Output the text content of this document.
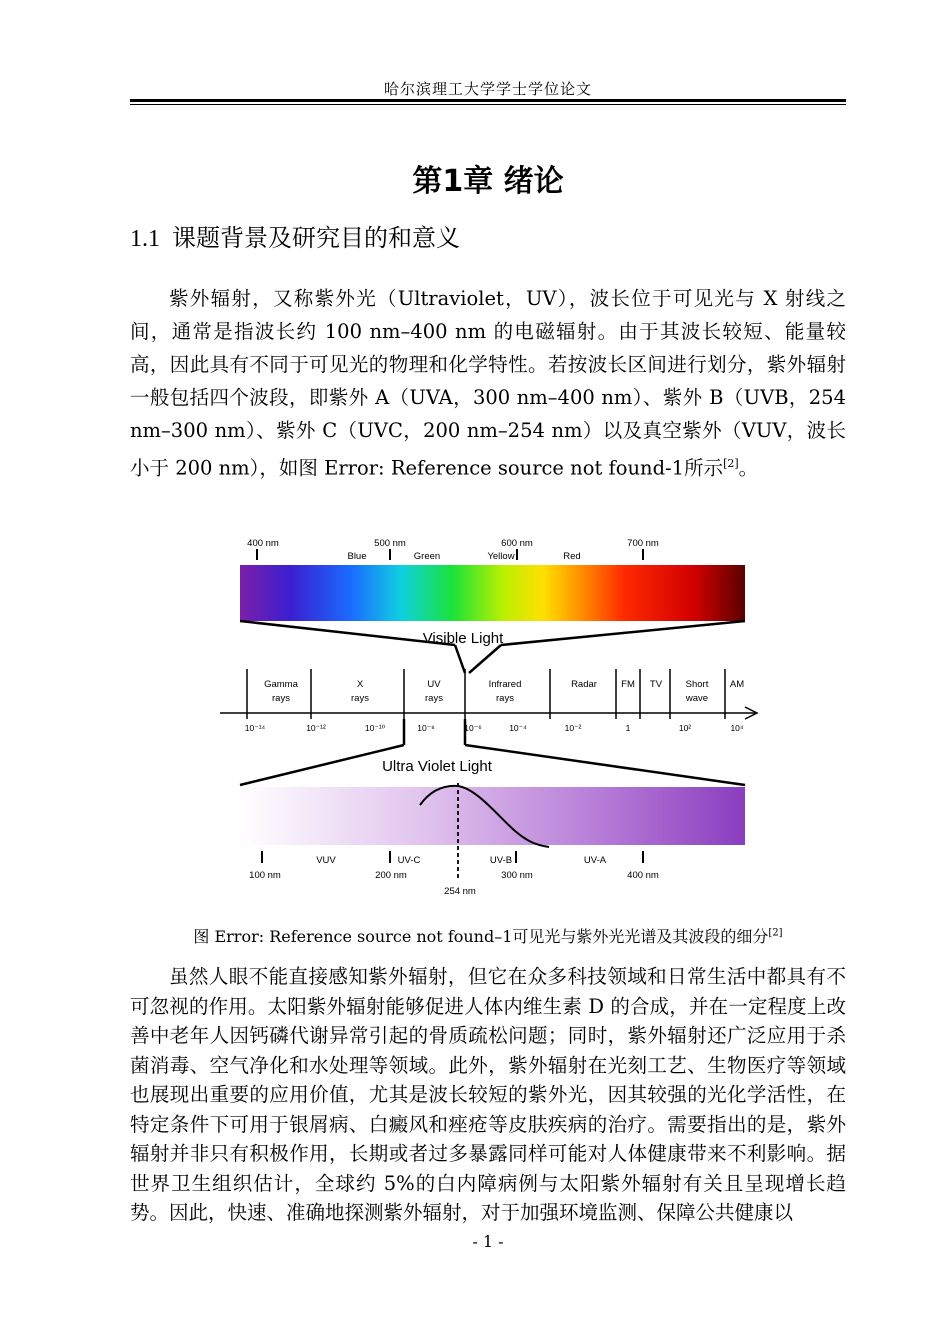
哈尔滨理工大学学士学位论文
第1章 绪论
1.1 课题背景及研究目的和意义

紫外辐射，又称紫外光（Ultraviolet，UV），波长位于可见光与 X 射线之间，通常是指波长约 100 nm–400 nm 的电磁辐射。由于其波长较短、能量较高，因此具有不同于可见光的物理和化学特性。若按波长区间进行划分，紫外辐射一般包括四个波段，即紫外 A（UVA，300 nm–400 nm）、紫外 B（UVB，254 nm–300 nm）、紫外 C（UVC，200 nm–254 nm）以及真空紫外（VUV，波长小于 200 nm），如图 Error: Reference source not found-1所示[2]。

400 nm	500 nm	600 nm	700 nm
Blue	Green	Yellow	Red
Visible Light
Gamma
rays
X
rays
UV
rays
Infrared
rays
Radar	FM TV Short
wave
AM
10⁻¹⁴	10⁻¹²	10⁻¹⁰	10⁻⁸	10⁻⁶	10⁻⁴	10⁻²	1	10²	10⁴
Ultra Violet Light
VUV	UV-C	UV-B	UV-A
100 nm	200 nm
254 nm
300 nm	400 nm
图 Error: Reference source not found–1可见光与紫外光光谱及其波段的细分[2]

虽然人眼不能直接感知紫外辐射，但它在众多科技领域和日常生活中都具有不可忽视的作用。太阳紫外辐射能够促进人体内维生素 D 的合成，并在一定程度上改善中老年人因钙磷代谢异常引起的骨质疏松问题；同时，紫外辐射还广泛应用于杀菌消毒、空气净化和水处理等领域。此外，紫外辐射在光刻工艺、生物医疗等领域也展现出重要的应用价值，尤其是波长较短的紫外光，因其较强的光化学活性，在特定条件下可用于银屑病、白癜风和痤疮等皮肤疾病的治疗。需要指出的是，紫外辐射并非只有积极作用，长期或者过多暴露同样可能对人体健康带来不利影响。据世界卫生组织估计，全球约 5%的白内障病例与太阳紫外辐射有关且呈现增长趋势。因此，快速、准确地探测紫外辐射，对于加强环境监测、保障公共健康以

- 1 -
